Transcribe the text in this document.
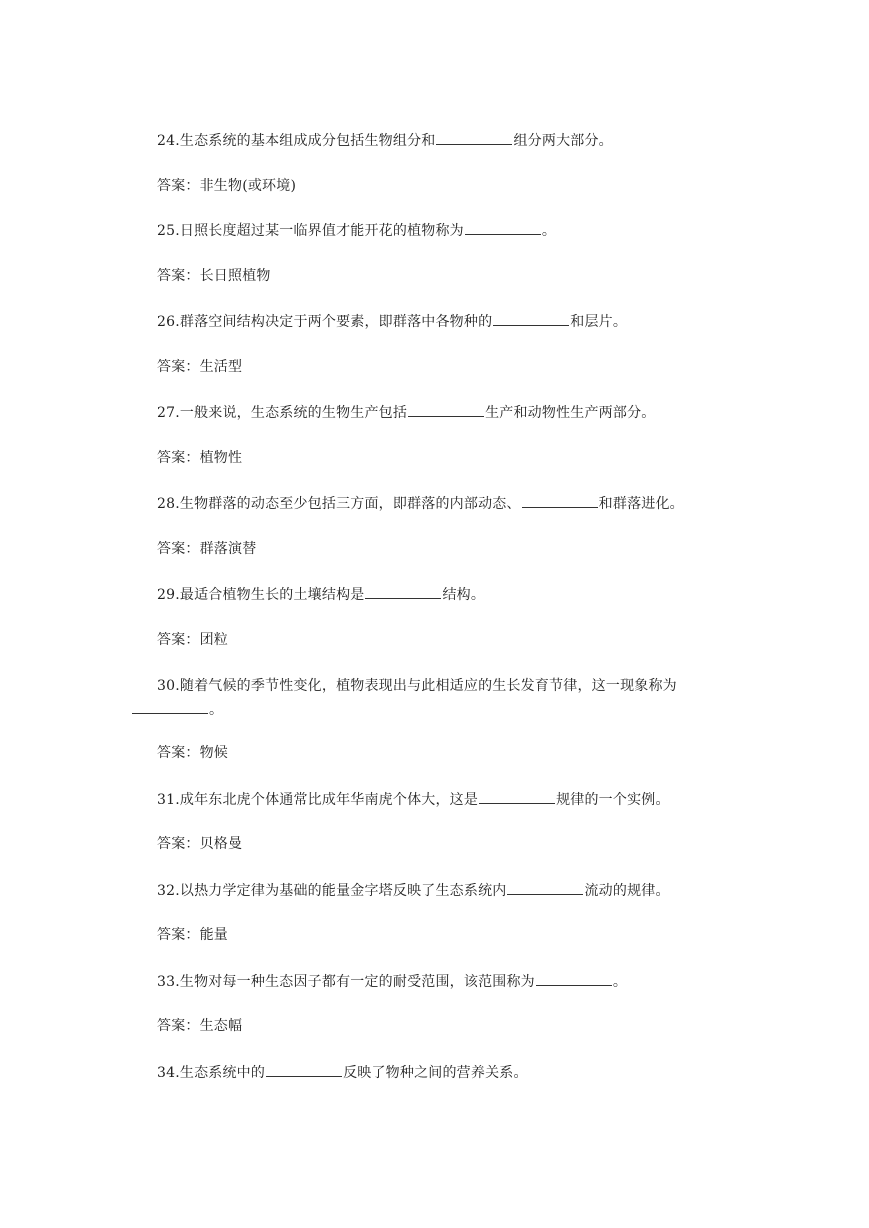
24.生态系统的基本组成成分包括生物组分和	组分两大部分。
答案：非生物(或环境)
25.日照长度超过某一临界值才能开花的植物称为	。
答案：长日照植物
26.群落空间结构决定于两个要素，即群落中各物种的	和层片。
答案：生活型
27.一般来说，生态系统的生物生产包括	生产和动物性生产两部分。
答案：植物性
28.生物群落的动态至少包括三方面，即群落的内部动态、	和群落进化。
答案：群落演替
29.最适合植物生长的土壤结构是	结构。
答案：团粒
30.随着气候的季节性变化，植物表现出与此相适应的生长发育节律，这一现象称为
。
答案：物候
31.成年东北虎个体通常比成年华南虎个体大，这是	规律的一个实例。
答案：贝格曼
32.以热力学定律为基础的能量金字塔反映了生态系统内	流动的规律。
答案：能量
33.生物对每一种生态因子都有一定的耐受范围，该范围称为	。
答案：生态幅
34.生态系统中的	反映了物种之间的营养关系。
